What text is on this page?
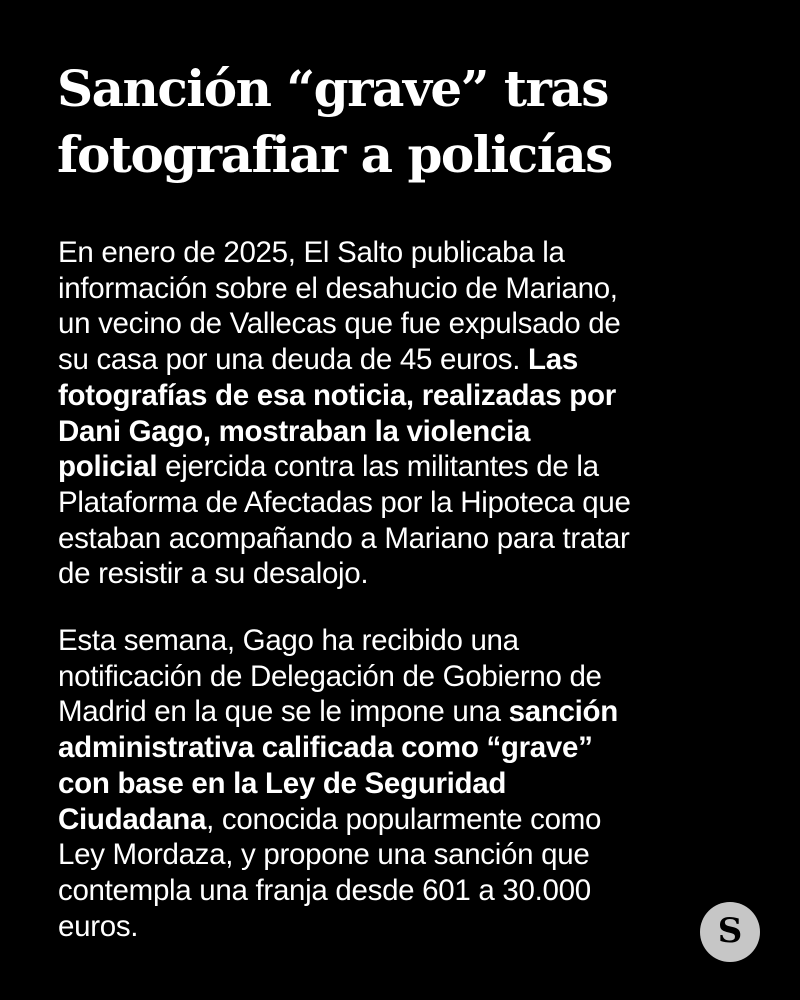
Sanción “grave” tras
fotografiar a policías
En enero de 2025, El Salto publicaba la
información sobre el desahucio de Mariano,
un vecino de Vallecas que fue expulsado de
su casa por una deuda de 45 euros. Las
fotografías de esa noticia, realizadas por
Dani Gago, mostraban la violencia
policial ejercida contra las militantes de la
Plataforma de Afectadas por la Hipoteca que
estaban acompañando a Mariano para tratar
de resistir a su desalojo.
Esta semana, Gago ha recibido una
notificación de Delegación de Gobierno de
Madrid en la que se le impone una sanción
administrativa calificada como “grave”
con base en la Ley de Seguridad
Ciudadana, conocida popularmente como
Ley Mordaza, y propone una sanción que
contempla una franja desde 601 a 30.000
euros.	S
